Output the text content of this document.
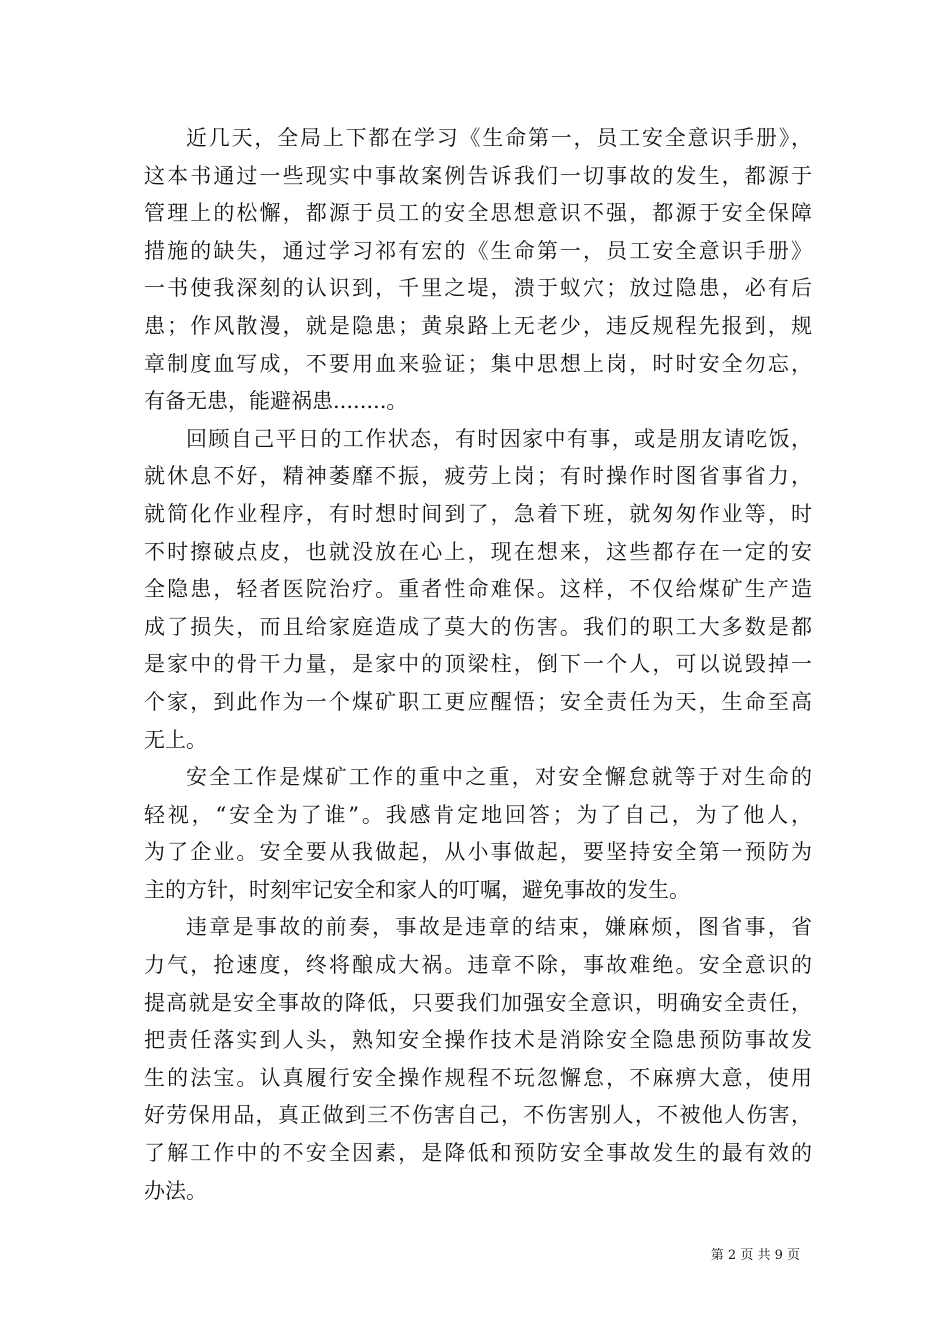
近几天，全局上下都在学习《生命第一，员工安全意识手册》，
这本书通过一些现实中事故案例告诉我们一切事故的发生，都源于
管理上的松懈，都源于员工的安全思想意识不强，都源于安全保障
措施的缺失，通过学习祁有宏的《生命第一，员工安全意识手册》
一书使我深刻的认识到，千里之堤，溃于蚁穴；放过隐患，必有后
患；作风散漫，就是隐患；黄泉路上无老少，违反规程先报到，规
章制度血写成，不要用血来验证；集中思想上岗，时时安全勿忘，
有备无患，能避祸患........。
回顾自己平日的工作状态，有时因家中有事，或是朋友请吃饭，
就休息不好，精神萎靡不振，疲劳上岗；有时操作时图省事省力，
就简化作业程序，有时想时间到了，急着下班，就匆匆作业等，时
不时擦破点皮，也就没放在心上，现在想来，这些都存在一定的安
全隐患，轻者医院治疗。重者性命难保。这样，不仅给煤矿生产造
成了损失，而且给家庭造成了莫大的伤害。我们的职工大多数是都
是家中的骨干力量，是家中的顶梁柱，倒下一个人，可以说毁掉一
个家，到此作为一个煤矿职工更应醒悟；安全责任为天，生命至高
无上。
安全工作是煤矿工作的重中之重，对安全懈怠就等于对生命的
轻视，“安全为了谁”。我感肯定地回答；为了自己，为了他人，
为了企业。安全要从我做起，从小事做起，要坚持安全第一预防为
主的方针，时刻牢记安全和家人的叮嘱，避免事故的发生。
违章是事故的前奏，事故是违章的结束，嫌麻烦，图省事，省
力气，抢速度，终将酿成大祸。违章不除，事故难绝。安全意识的
提高就是安全事故的降低，只要我们加强安全意识，明确安全责任，
把责任落实到人头，熟知安全操作技术是消除安全隐患预防事故发
生的法宝。认真履行安全操作规程不玩忽懈怠，不麻痹大意，使用
好劳保用品，真正做到三不伤害自己，不伤害别人，不被他人伤害，
了解工作中的不安全因素，是降低和预防安全事故发生的最有效的
办法。
第 2 页 共 9 页
